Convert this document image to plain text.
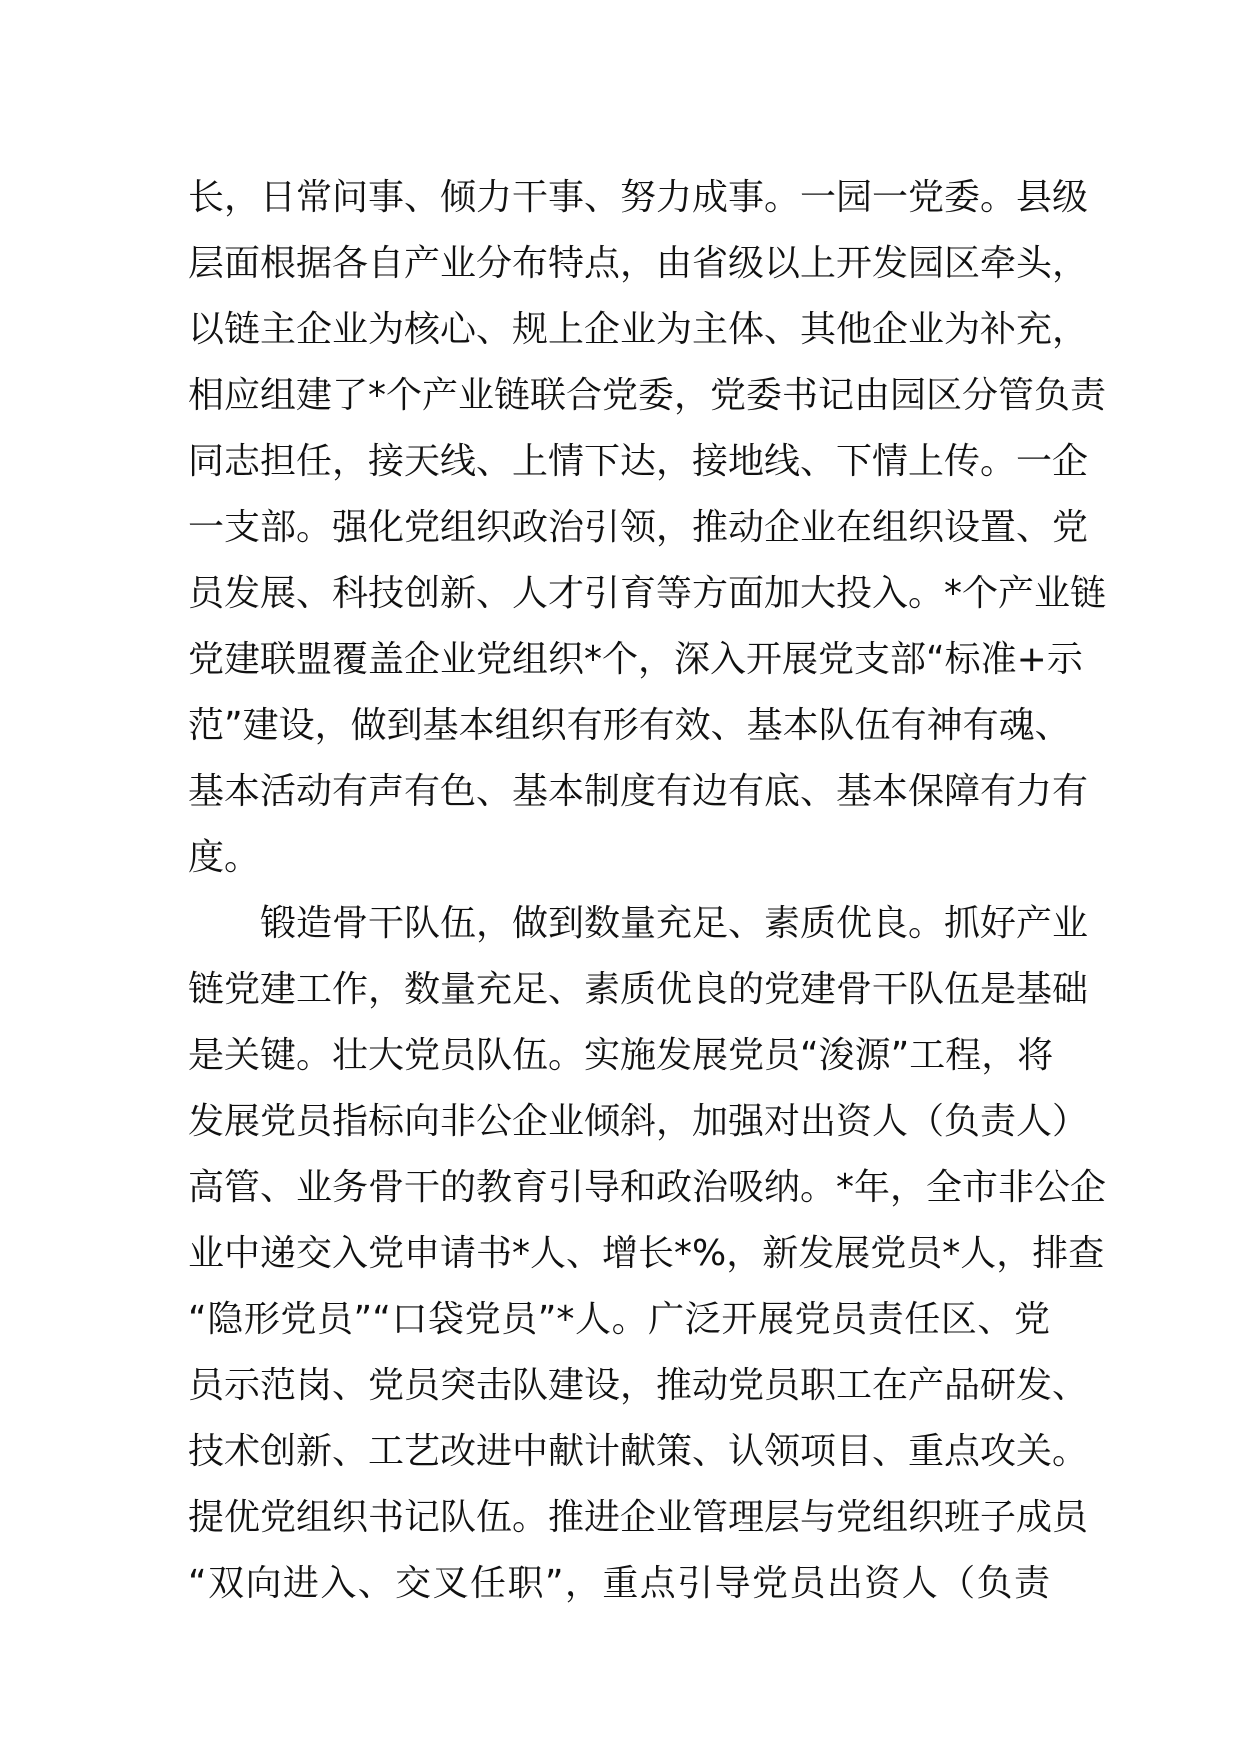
长，日常问事、倾力干事、努力成事。一园一党委。县级
层面根据各自产业分布特点，由省级以上开发园区牵头，
以链主企业为核心、规上企业为主体、其他企业为补充，
相应组建了*个产业链联合党委，党委书记由园区分管负责
同志担任，接天线、上情下达，接地线、下情上传。一企
一支部。强化党组织政治引领，推动企业在组织设置、党
员发展、科技创新、人才引育等方面加大投入。*个产业链
党建联盟覆盖企业党组织*个，深入开展党支部“标准+示
范”建设，做到基本组织有形有效、基本队伍有神有魂、
基本活动有声有色、基本制度有边有底、基本保障有力有
度。
锻造骨干队伍，做到数量充足、素质优良。抓好产业
链党建工作，数量充足、素质优良的党建骨干队伍是基础
是关键。壮大党员队伍。实施发展党员“浚源”工程，将
发展党员指标向非公企业倾斜，加强对出资人（负责人）
高管、业务骨干的教育引导和政治吸纳。*年，全市非公企
业中递交入党申请书*人、增长*%，新发展党员*人，排查
“隐形党员”“口袋党员”*人。广泛开展党员责任区、党
员示范岗、党员突击队建设，推动党员职工在产品研发、
技术创新、工艺改进中献计献策、认领项目、重点攻关。
提优党组织书记队伍。推进企业管理层与党组织班子成员
“双向进入、交叉任职”，重点引导党员出资人（负责
